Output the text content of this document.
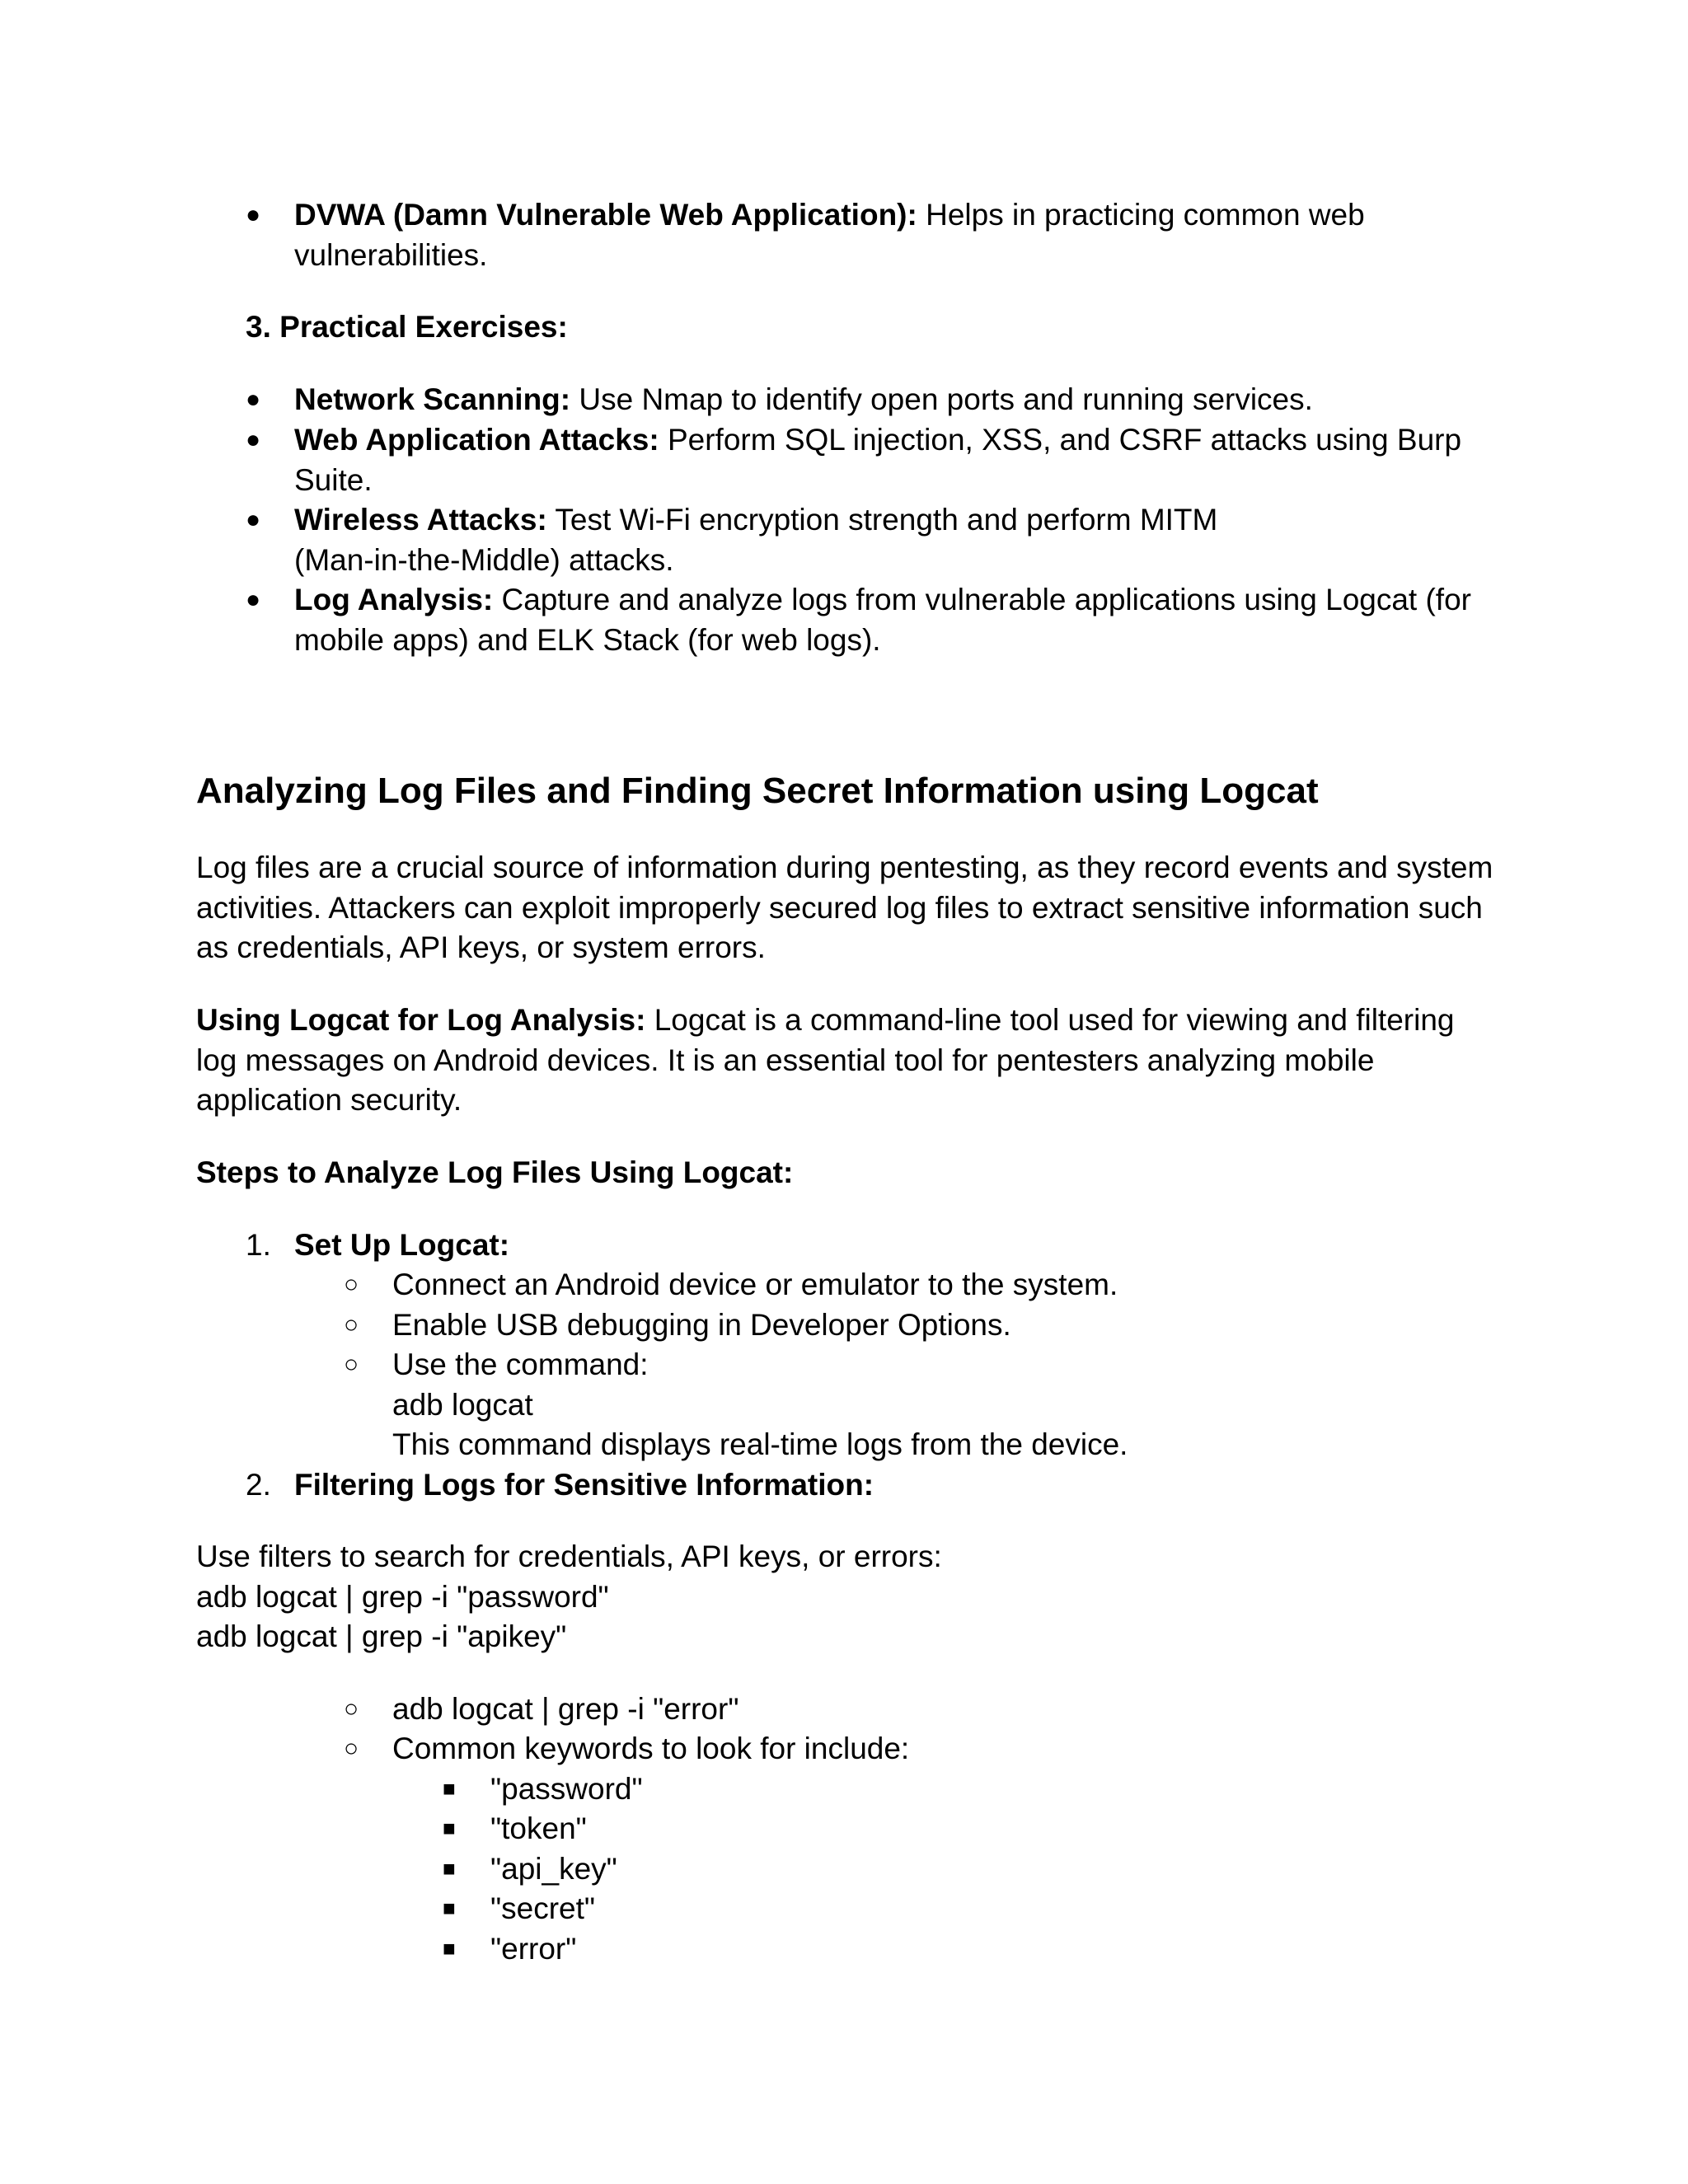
● DVWA (Damn Vulnerable Web Application): Helps in practicing common web
vulnerabilities.
3. Practical Exercises:
● Network Scanning: Use Nmap to identify open ports and running services.
● Web Application Attacks: Perform SQL injection, XSS, and CSRF attacks using Burp
Suite.
● Wireless Attacks: Test Wi-Fi encryption strength and perform MITM
(Man-in-the-Middle) attacks.
● Log Analysis: Capture and analyze logs from vulnerable applications using Logcat (for
mobile apps) and ELK Stack (for web logs).
Analyzing Log Files and Finding Secret Information using Logcat
Log files are a crucial source of information during pentesting, as they record events and system
activities. Attackers can exploit improperly secured log files to extract sensitive information such
as credentials, API keys, or system errors.
Using Logcat for Log Analysis: Logcat is a command-line tool used for viewing and filtering
log messages on Android devices. It is an essential tool for pentesters analyzing mobile
application security.
Steps to Analyze Log Files Using Logcat:
1. Set Up Logcat:
○ Connect an Android device or emulator to the system.
○ Enable USB debugging in Developer Options.
○ Use the command:
adb logcat
This command displays real-time logs from the device.
2. Filtering Logs for Sensitive Information:
Use filters to search for credentials, API keys, or errors:
adb logcat | grep -i "password"
adb logcat | grep -i "apikey"
○ adb logcat | grep -i "error"
○ Common keywords to look for include:
■ "password"
■ "token"
■ "api_key"
■ "secret"
■ "error"
